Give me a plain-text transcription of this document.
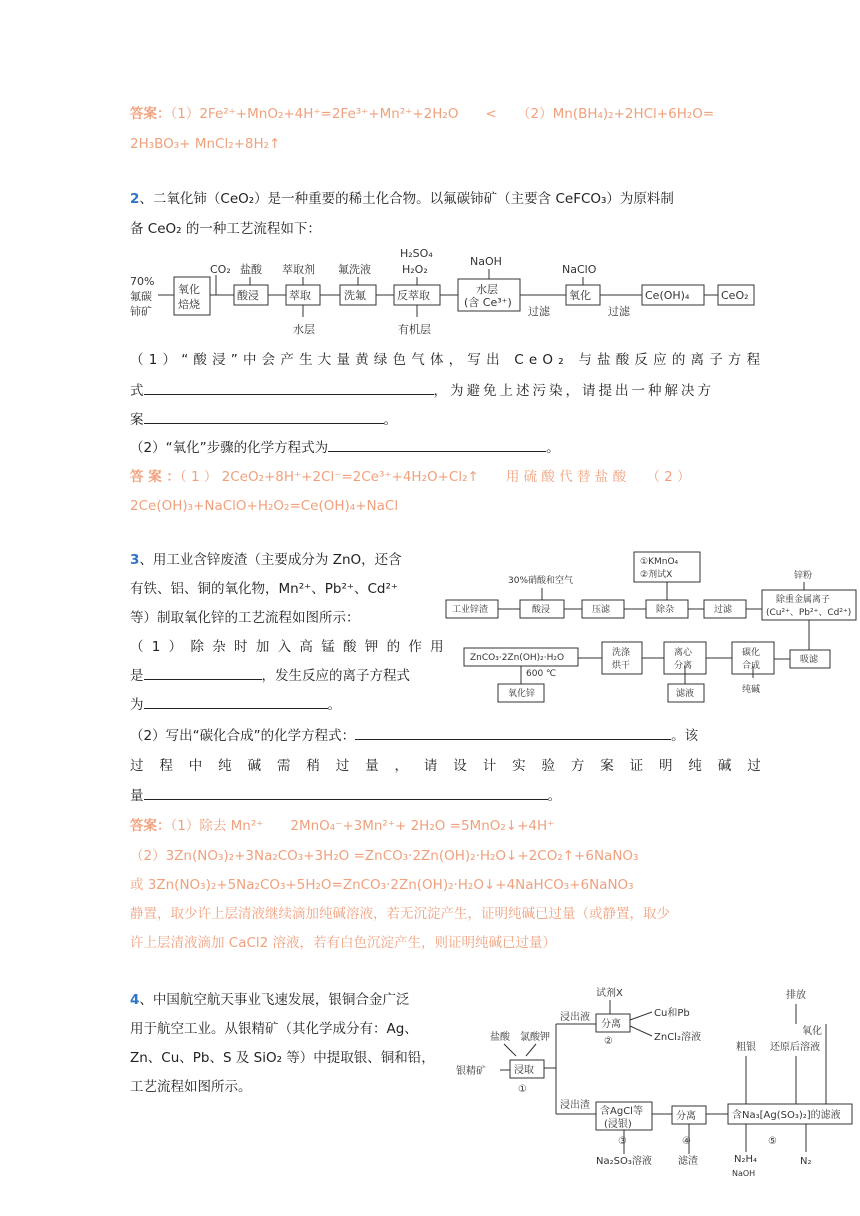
答案：（1）2Fe²⁺+MnO₂+4H⁺=2Fe³⁺+Mn²⁺+2H₂O　　<　　（2）Mn(BH₄)₂+2HCl+6H₂O=
2H₃BO₃+ MnCl₂+8H₂↑
2、二氧化铈（CeO₂）是一种重要的稀土化合物。以氟碳铈矿（主要含 CeFCO₃）为原料制
备 CeO₂ 的一种工艺流程如下：
70%
氟碳
铈矿
氧化
焙烧
CO₂
酸浸
盐酸
萃取
萃取剂
水层
洗氟
氟洗液
反萃取
H₂SO₄
H₂O₂
有机层
水层
(含 Ce³⁺)
NaOH
过滤
氧化
NaClO
过滤
Ce(OH)₄	CeO₂
（1）“酸浸”中会产生大量黄绿色气体，写出 CeO₂ 与盐酸反应的离子方程
式	，为避免上述污染，请提出一种解决方
案	。
（2）“氧化”步骤的化学方程式为	。
答 案 ：（ 1 ） 2CeO₂+8H⁺+2Cl⁻=2Ce³⁺+4H₂O+Cl₂↑　　用 硫 酸 代 替 盐 酸　　（ 2 ）
2Ce(OH)₃+NaClO+H₂O₂=Ce(OH)₄+NaCl
3、用工业含锌废渣（主要成分为 ZnO，还含
有铁、铝、铜的氧化物，Mn²⁺、Pb²⁺、Cd²⁺
等）制取氧化锌的工艺流程如图所示：
（ 1 ） 除 杂 时 加 入 高 锰 酸 钾 的 作 用
是	，发生反应的离子方程式
为	。
①KMnO₄
②剂试X
30%硝酸和空气	锌粉
工业锌渣	酸浸	压滤	除杂	过滤
除重金属离子
(Cu²⁺、Pb²⁺、Cd²⁺)
吸滤
碳化
合成
离心
分离
洗涤
烘干
ZnCO₃·2Zn(OH)₂·H₂O
600 ℃
氧化锌	滤液	纯碱
（2）写出“碳化合成”的化学方程式：	。该
过 程 中 纯 碱 需 稍 过 量 ， 请 设 计 实 验 方 案 证 明 纯 碱 过
量	。
答案：（1）除去 Mn²⁺　　2MnO₄⁻+3Mn²⁺+ 2H₂O =5MnO₂↓+4H⁺
（2）3Zn(NO₃)₂+3Na₂CO₃+3H₂O =ZnCO₃·2Zn(OH)₂·H₂O↓+2CO₂↑+6NaNO₃
或 3Zn(NO₃)₂+5Na₂CO₃+5H₂O=ZnCO₃·2Zn(OH)₂·H₂O↓+4NaHCO₃+6NaNO₃
静置，取少许上层清液继续滴加纯碱溶液，若无沉淀产生，证明纯碱已过量（或静置，取少
许上层清液滴加 CaCl2 溶液，若有白色沉淀产生，则证明纯碱已过量）
4、中国航空航天事业飞速发展，银铜合金广泛
用于航空工业。从银精矿（其化学成分有：Ag、
Zn、Cu、Pb、S 及 SiO₂ 等）中提取银、铜和铅，
工艺流程如图所示。
试剂X
浸出液
分离
②
Cu和Pb
ZnCl₂溶液
盐酸 氯酸钾
银精矿	浸取
①
浸出渣
含AgCl等
(浸银)
③
分离
④
含Na₃[Ag(SO₃)₂]的滤液
⑤
Na₂SO₃溶液	滤渣	N₂H₄
NaOH
N₂
排放
粗银
氧化
还原后溶液
